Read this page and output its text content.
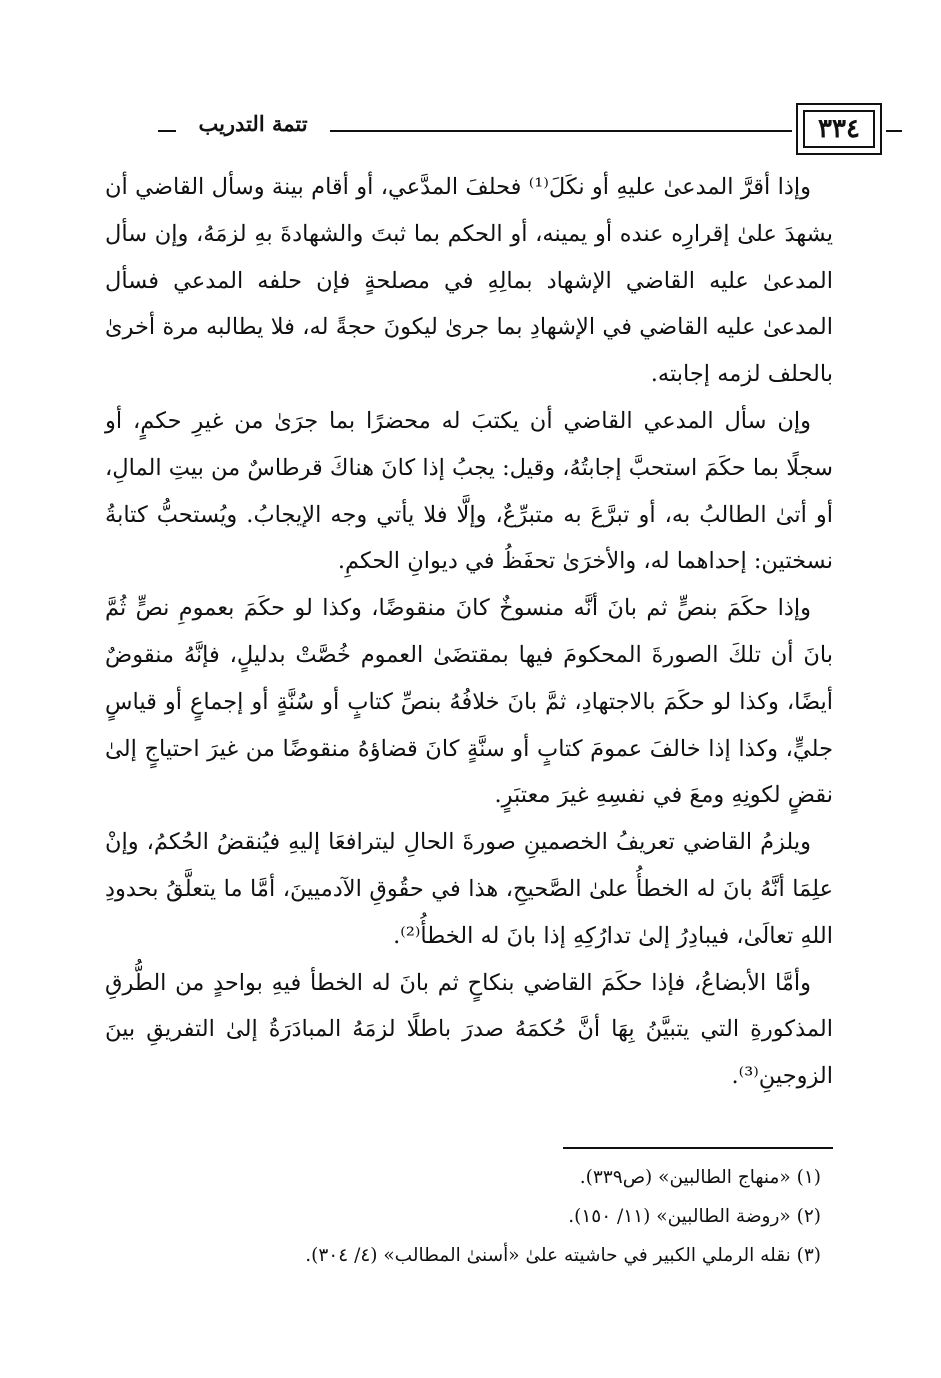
٣٣٤
تتمة التدريب

وإذا أقرَّ المدعىٰ عليهِ أو نكَلَ⁽¹⁾ فحلفَ المدَّعي، أو أقام بينة وسأل القاضي أن يشهدَ علىٰ إقرارِه عنده أو يمينه، أو الحكم بما ثبتَ والشهادةَ بهِ لزمَهُ، وإن سأل المدعىٰ عليه القاضي الإشهاد بمالِهِ في مصلحةٍ فإن حلفه المدعي فسأل المدعىٰ عليه القاضي في الإشهادِ بما جرىٰ ليكونَ حجةً له، فلا يطالبه مرة أخرىٰ بالحلف لزمه إجابته.

وإن سأل المدعي القاضي أن يكتبَ له محضرًا بما جرَىٰ من غيرِ حكمٍ، أو سجلًا بما حكَمَ استحبَّ إجابتُهُ، وقيل: يجبُ إذا كانَ هناكَ قرطاسٌ من بيتِ المالِ، أو أتىٰ الطالبُ به، أو تبرَّعَ به متبرِّعٌ، وإلَّا فلا يأتي وجه الإيجابُ. ويُستحبُّ كتابةُ نسختين: إحداهما له، والأخرَىٰ تحفَظُ في ديوانِ الحكمِ.

وإذا حكَمَ بنصٍّ ثم بانَ أنَّه منسوخٌ كانَ منقوضًا، وكذا لو حكَمَ بعمومِ نصٍّ ثُمَّ بانَ أن تلكَ الصورةَ المحكومَ فيها بمقتضَىٰ العموم خُصَّتْ بدليلٍ، فإنَّهُ منقوضٌ أيضًا، وكذا لو حكَمَ بالاجتهادِ، ثمَّ بانَ خلافُهُ بنصِّ كتابٍ أو سُنَّةٍ أو إجماعٍ أو قياسٍ جليٍّ، وكذا إذا خالفَ عمومَ كتابٍ أو سنَّةٍ كانَ قضاؤهُ منقوضًا من غيرَ احتياجٍ إلىٰ نقضٍ لكونِهِ ومعَ في نفسِهِ غيرَ معتبَرٍ.

ويلزمُ القاضي تعريفُ الخصمينِ صورةَ الحالِ ليترافعَا إليهِ فيُنقضُ الحُكمُ، وإنْ علِمَا أنَّهُ بانَ له الخطأُ علىٰ الصَّحيحِ، هذا في حقُوقِ الآدميينَ، أمَّا ما يتعلَّقُ بحدودِ اللهِ تعالَىٰ، فيبادِرُ إلىٰ تدارُكِهِ إذا بانَ له الخطأُ⁽²⁾.

وأمَّا الأبضاعُ، فإذا حكَمَ القاضي بنكاحٍ ثم بانَ له الخطأ فيهِ بواحدٍ من الطُّرقِ المذكورةِ التي يتبيَّنُ بِهَا أنَّ حُكمَهُ صدرَ باطلًا لزمَهُ المبادَرَةُ إلىٰ التفريقِ بينَ الزوجينِ⁽³⁾.

(١) «منهاج الطالبين» (ص٣٣٩).

(٢) «روضة الطالبين» (١١/ ١٥٠).

(٣) نقله الرملي الكبير في حاشيته علىٰ «أسنىٰ المطالب» (٤/ ٣٠٤).
